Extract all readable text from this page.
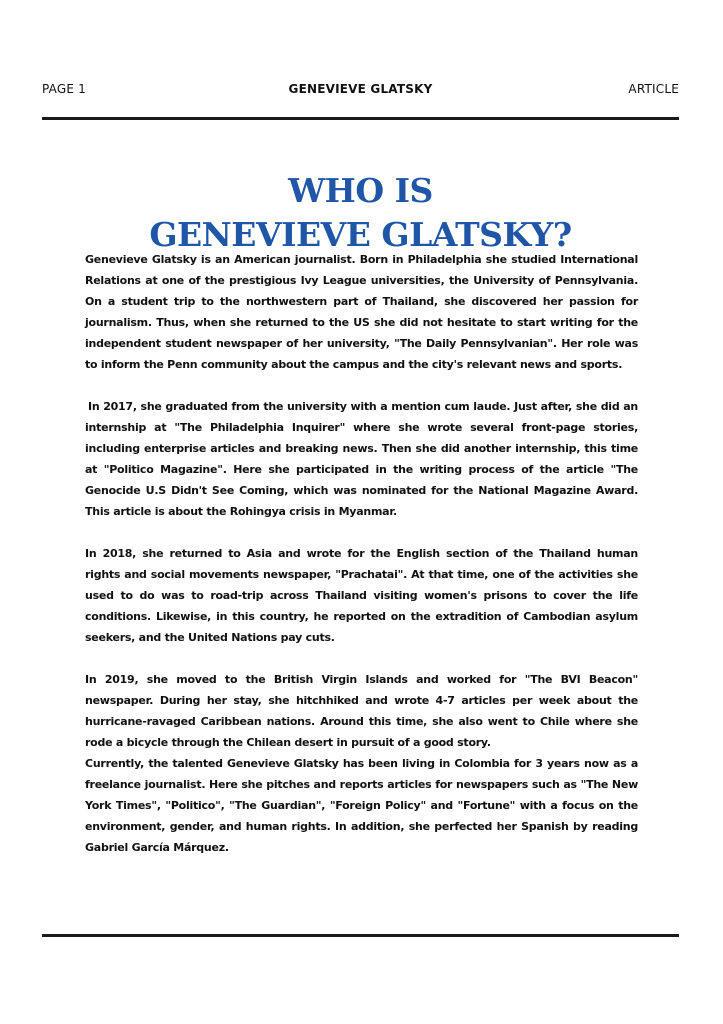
PAGE 1	GENEVIEVE GLATSKY	ARTICLE
WHO IS
GENEVIEVE GLATSKY?

Genevieve Glatsky is an American journalist. Born in Philadelphia she studied International Relations at one of the prestigious Ivy League universities, the University of Pennsylvania. On a student trip to the northwestern part of Thailand, she discovered her passion for journalism. Thus, when she returned to the US she did not hesitate to start writing for the independent student newspaper of her university, "The Daily Pennsylvanian". Her role was to inform the Penn community about the campus and the city's relevant news and sports.

In 2017, she graduated from the university with a mention cum laude. Just after, she did an internship at "The Philadelphia Inquirer" where she wrote several front-page stories, including enterprise articles and breaking news. Then she did another internship, this time at "Politico Magazine". Here she participated in the writing process of the article "The Genocide U.S Didn't See Coming, which was nominated for the National Magazine Award. This article is about the Rohingya crisis in Myanmar.

In 2018, she returned to Asia and wrote for the English section of the Thailand human rights and social movements newspaper, "Prachatai". At that time, one of the activities she used to do was to road-trip across Thailand visiting women's prisons to cover the life conditions. Likewise, in this country, he reported on the extradition of Cambodian asylum seekers, and the United Nations pay cuts.

In 2019, she moved to the British Virgin Islands and worked for "The BVI Beacon" newspaper. During her stay, she hitchhiked and wrote 4-7 articles per week about the hurricane-ravaged Caribbean nations. Around this time, she also went to Chile where she rode a bicycle through the Chilean desert in pursuit of a good story.

Currently, the talented Genevieve Glatsky has been living in Colombia for 3 years now as a freelance journalist. Here she pitches and reports articles for newspapers such as "The New York Times", "Politico", "The Guardian", "Foreign Policy" and "Fortune" with a focus on the environment, gender, and human rights. In addition, she perfected her Spanish by reading Gabriel García Márquez.
